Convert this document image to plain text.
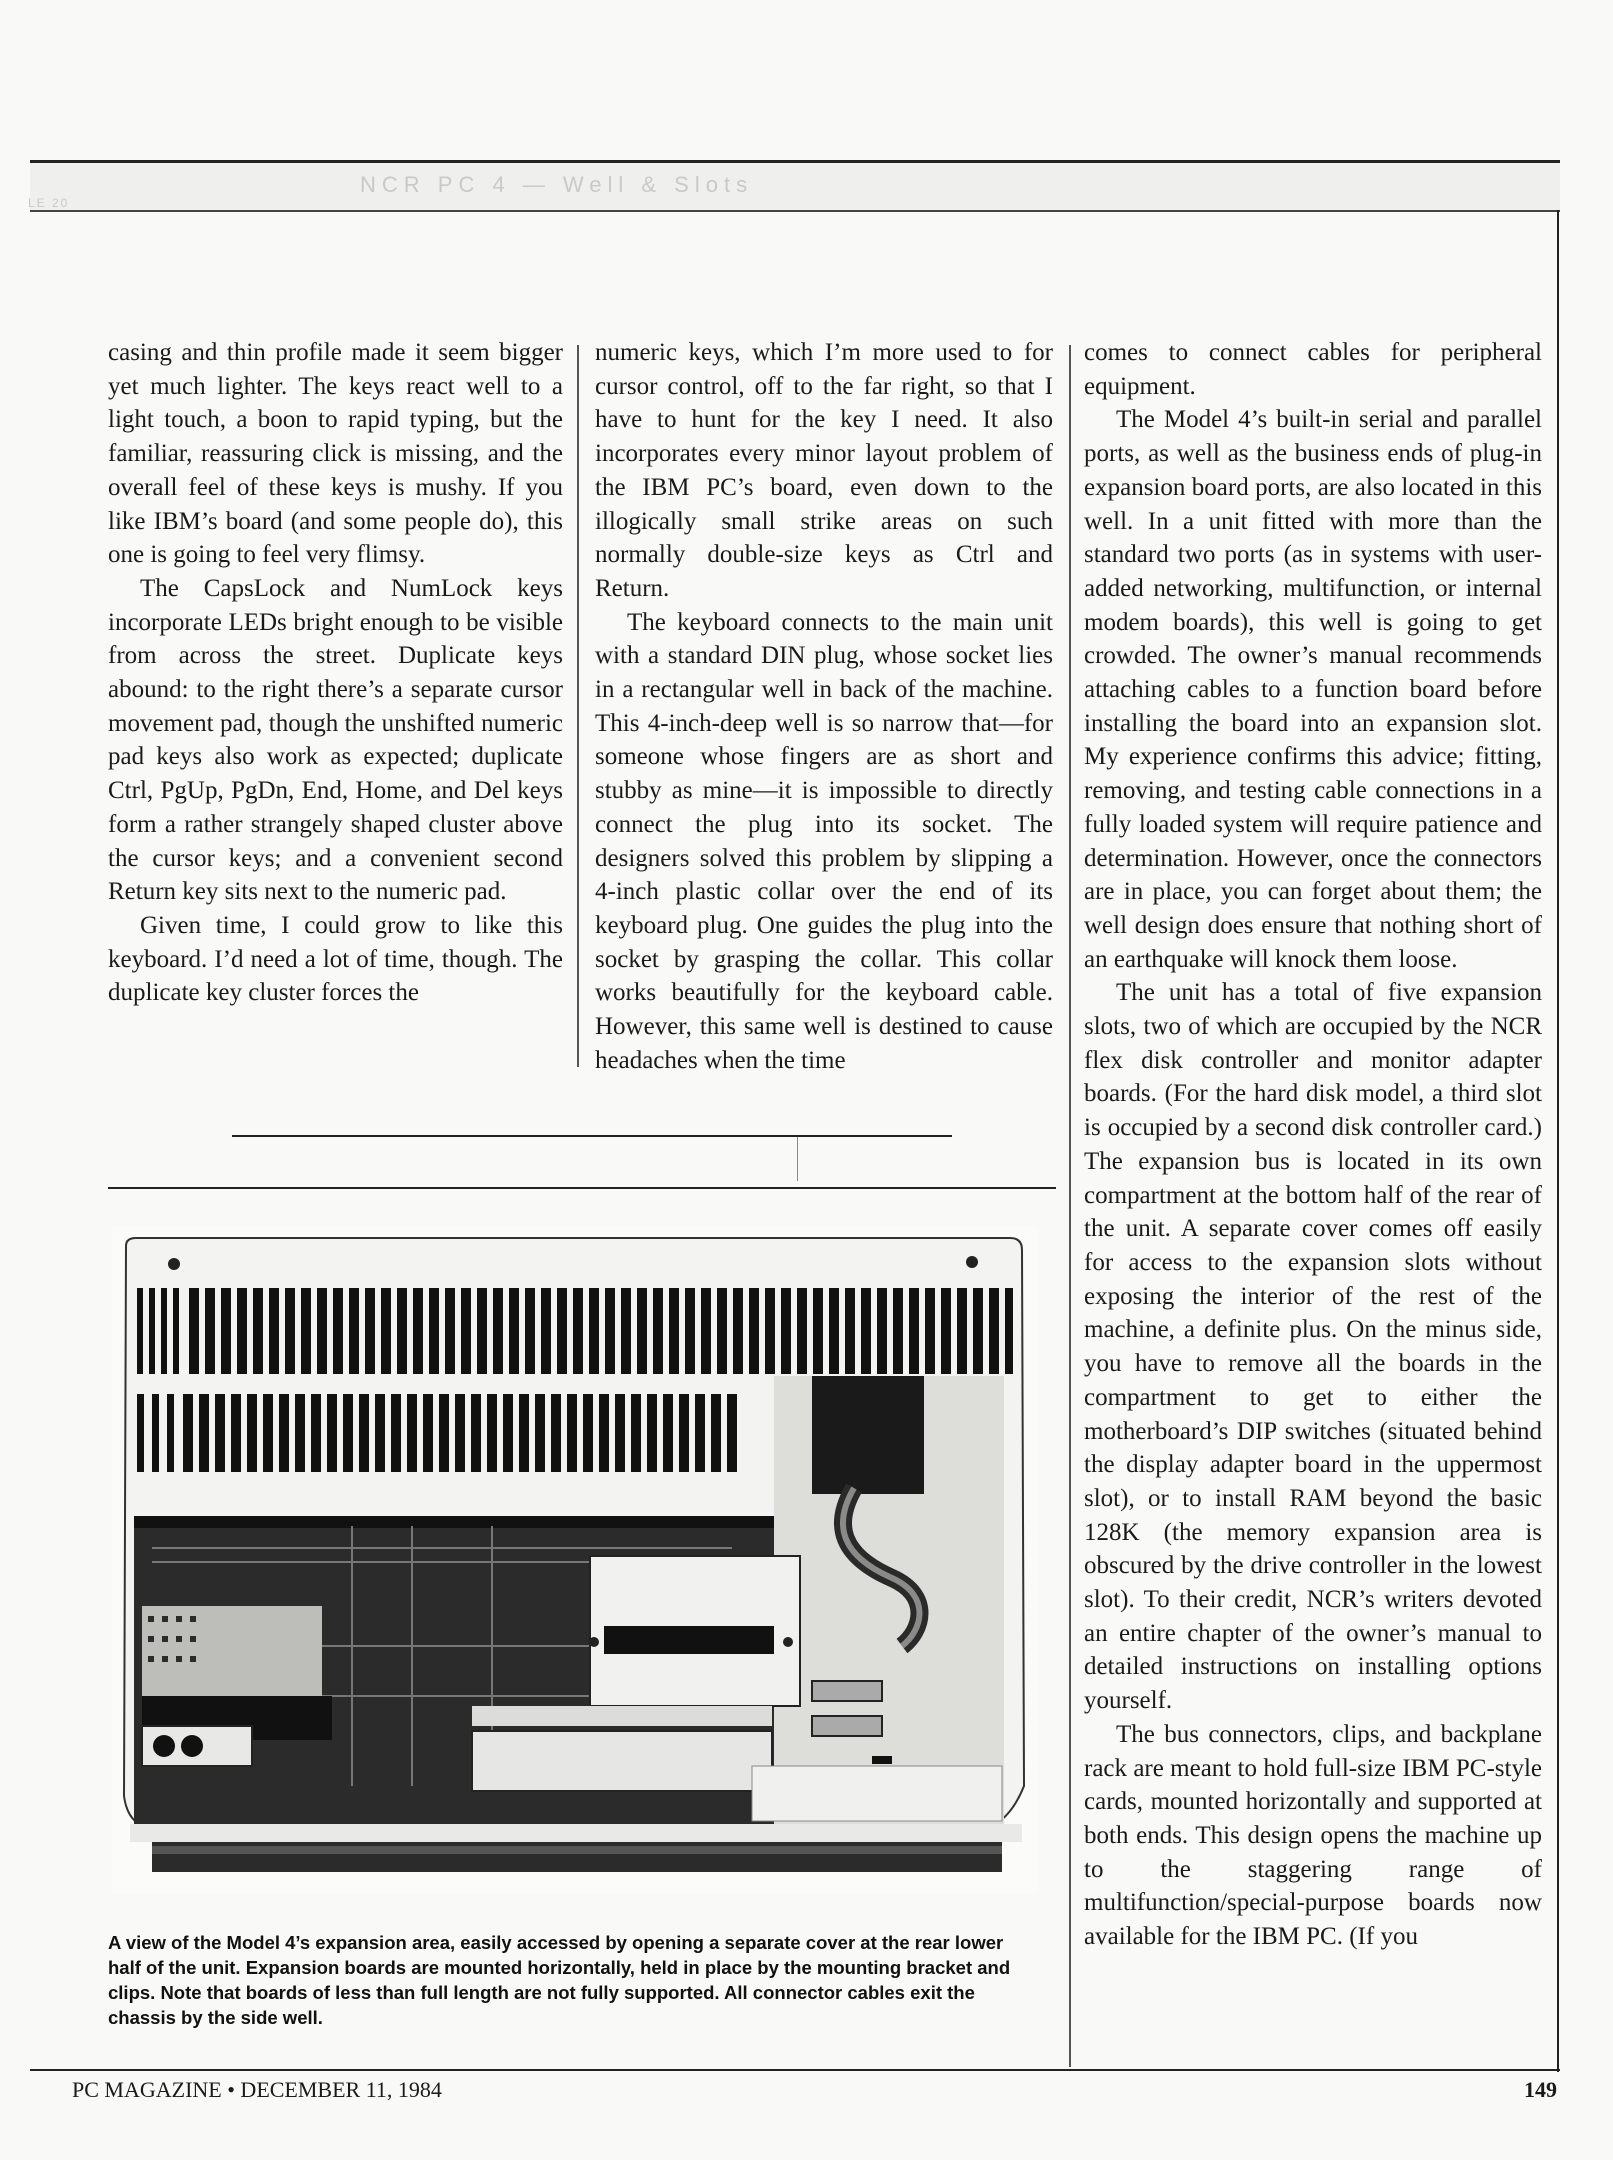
LE 20
NCR PC 4 — Well & Slots

casing and thin profile made it seem bigger yet much lighter. The keys react well to a light touch, a boon to rapid typing, but the familiar, reassuring click is missing, and the overall feel of these keys is mushy. If you like IBM’s board (and some people do), this one is going to feel very flimsy.

The CapsLock and NumLock keys incorporate LEDs bright enough to be visible from across the street. Duplicate keys abound: to the right there’s a separate cursor movement pad, though the unshifted numeric pad keys also work as expected; duplicate Ctrl, PgUp, PgDn, End, Home, and Del keys form a rather strangely shaped cluster above the cursor keys; and a convenient second Return key sits next to the numeric pad.

Given time, I could grow to like this keyboard. I’d need a lot of time, though. The duplicate key cluster forces the

numeric keys, which I’m more used to for cursor control, off to the far right, so that I have to hunt for the key I need. It also incorporates every minor layout problem of the IBM PC’s board, even down to the illogically small strike areas on such normally double-size keys as Ctrl and Return.

The keyboard connects to the main unit with a standard DIN plug, whose socket lies in a rectangular well in back of the machine. This 4-inch-deep well is so narrow that—for someone whose fingers are as short and stubby as mine—it is impossible to directly connect the plug into its socket. The designers solved this problem by slipping a 4-inch plastic collar over the end of its keyboard plug. One guides the plug into the socket by grasping the collar. This collar works beautifully for the keyboard cable. However, this same well is destined to cause headaches when the time

comes to connect cables for peripheral equipment.

The Model 4’s built-in serial and parallel ports, as well as the business ends of plug-in expansion board ports, are also located in this well. In a unit fitted with more than the standard two ports (as in systems with user-added networking, multifunction, or internal modem boards), this well is going to get crowded. The owner’s manual recommends attaching cables to a function board before installing the board into an expansion slot. My experience confirms this advice; fitting, removing, and testing cable connections in a fully loaded system will require patience and determination. However, once the connectors are in place, you can forget about them; the well design does ensure that nothing short of an earthquake will knock them loose.

The unit has a total of five expansion slots, two of which are occupied by the NCR flex disk controller and monitor adapter boards. (For the hard disk model, a third slot is occupied by a second disk controller card.) The expansion bus is located in its own compartment at the bottom half of the rear of the unit. A separate cover comes off easily for access to the expansion slots without exposing the interior of the rest of the machine, a definite plus. On the minus side, you have to remove all the boards in the compartment to get to either the motherboard’s DIP switches (situated behind the display adapter board in the uppermost slot), or to install RAM beyond the basic 128K (the memory expansion area is obscured by the drive controller in the lowest slot). To their credit, NCR’s writers devoted an entire chapter of the owner’s manual to detailed instructions on installing options yourself.

The bus connectors, clips, and backplane rack are meant to hold full-size IBM PC-style cards, mounted horizontally and supported at both ends. This design opens the machine up to the staggering range of multifunction/special-purpose boards now available for the IBM PC. (If you

A view of the Model 4’s expansion area, easily accessed by opening a separate cover at the rear lower half of the unit. Expansion boards are mounted horizontally, held in place by the mounting bracket and clips. Note that boards of less than full length are not fully supported. All connector cables exit the chassis by the side well.
PC MAGAZINE • DECEMBER 11, 1984	149
